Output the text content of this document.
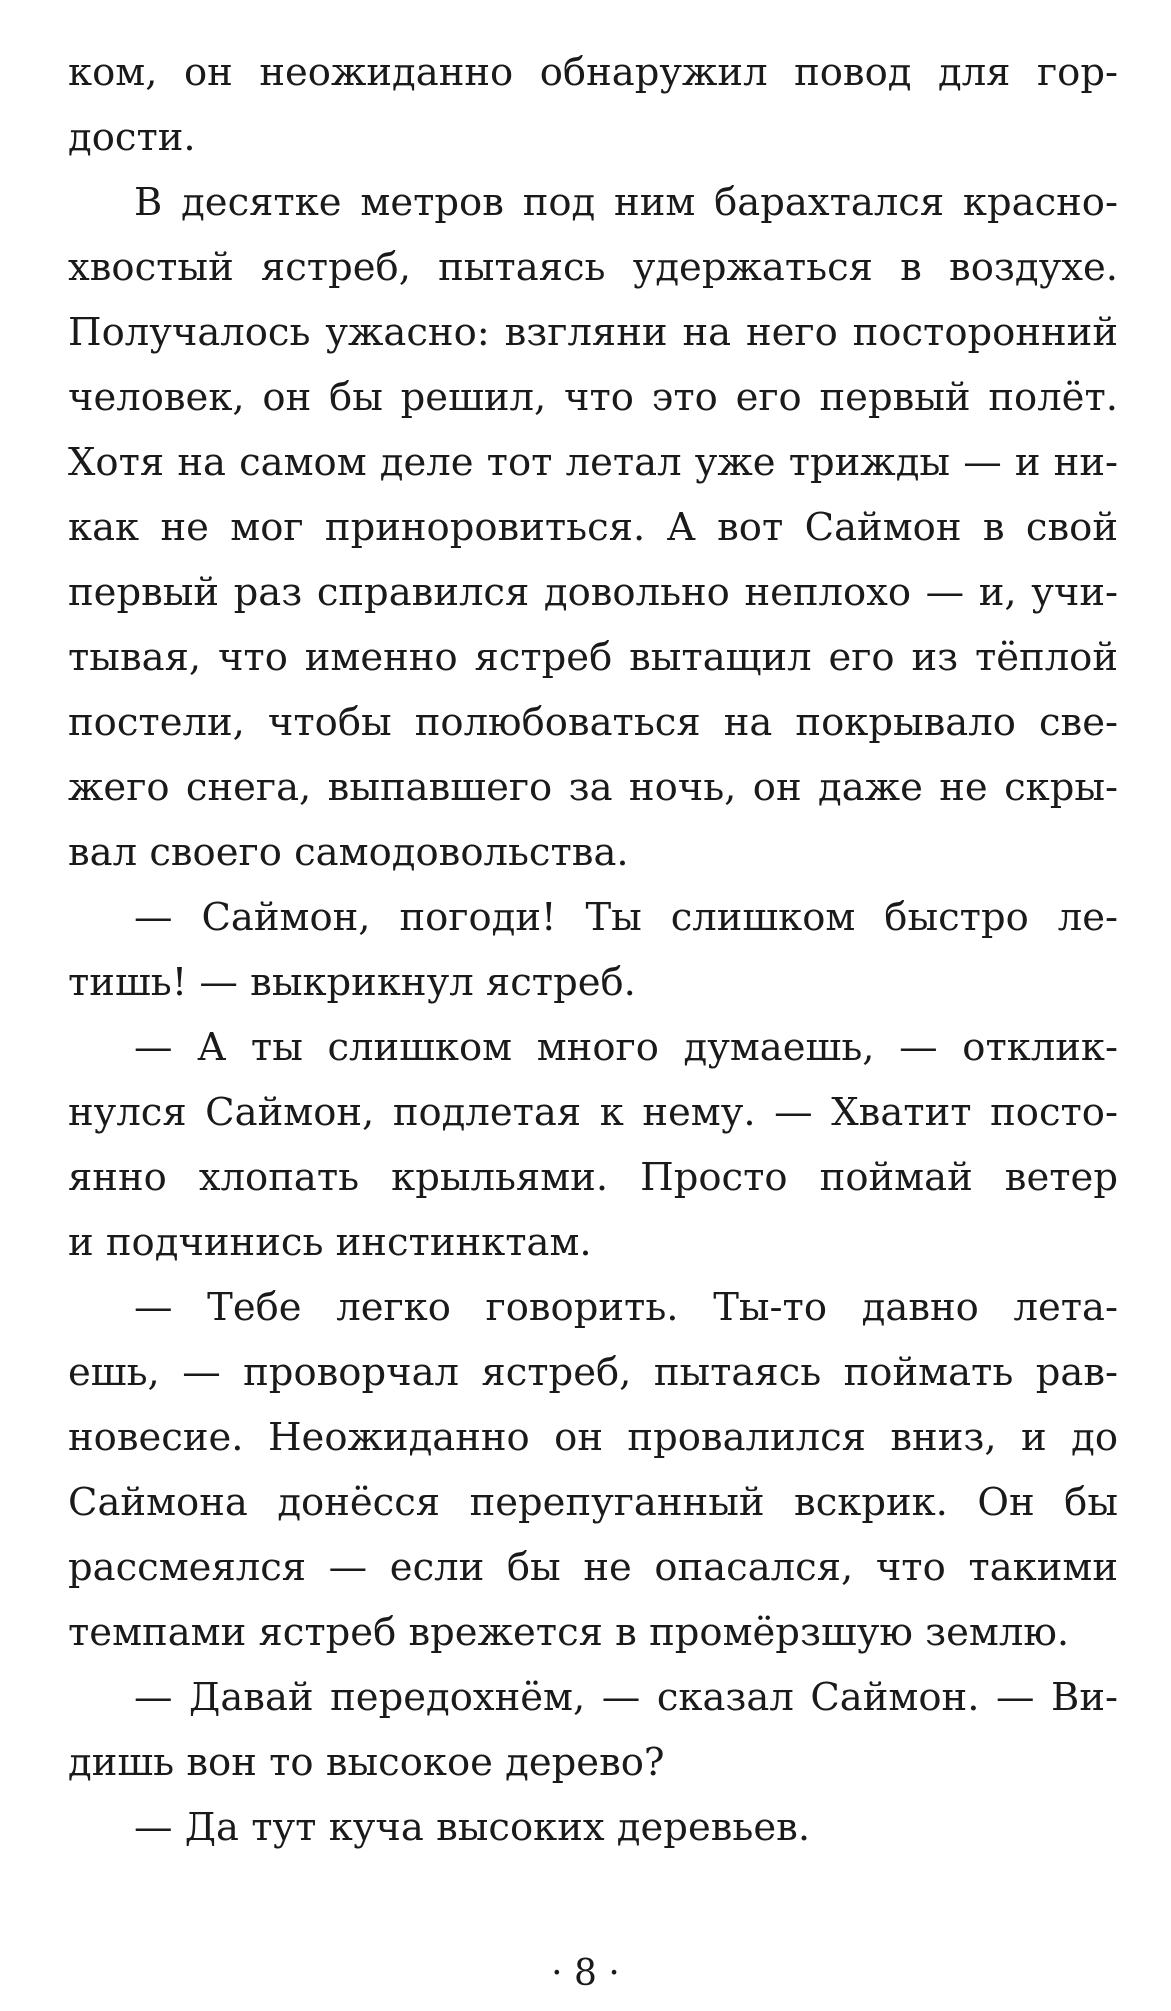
ком, он неожиданно обнаружил повод для гор-
дости.
В десятке метров под ним барахтался красно-
хвостый ястреб, пытаясь удержаться в воздухе.
Получалось ужасно: взгляни на него посторонний
человек, он бы решил, что это его первый полёт.
Хотя на самом деле тот летал уже трижды — и ни-
как не мог приноровиться. А вот Саймон в свой
первый раз справился довольно неплохо — и, учи-
тывая, что именно ястреб вытащил его из тёплой
постели, чтобы полюбоваться на покрывало све-
жего снега, выпавшего за ночь, он даже не скры-
вал своего самодовольства.
— Саймон, погоди! Ты слишком быстро ле-
тишь! — выкрикнул ястреб.
— А ты слишком много думаешь, — отклик-
нулся Саймон, подлетая к нему. — Хватит посто-
янно хлопать крыльями. Просто поймай ветер
и подчинись инстинктам.
— Тебе легко говорить. Ты-то давно лета-
ешь, — проворчал ястреб, пытаясь поймать рав-
новесие. Неожиданно он провалился вниз, и до
Саймона донёсся перепуганный вскрик. Он бы
рассмеялся — если бы не опасался, что такими
темпами ястреб врежется в промёрзшую землю.
— Давай передохнём, — сказал Саймон. — Ви-
дишь вон то высокое дерево?
— Да тут куча высоких деревьев.
· 8 ·
